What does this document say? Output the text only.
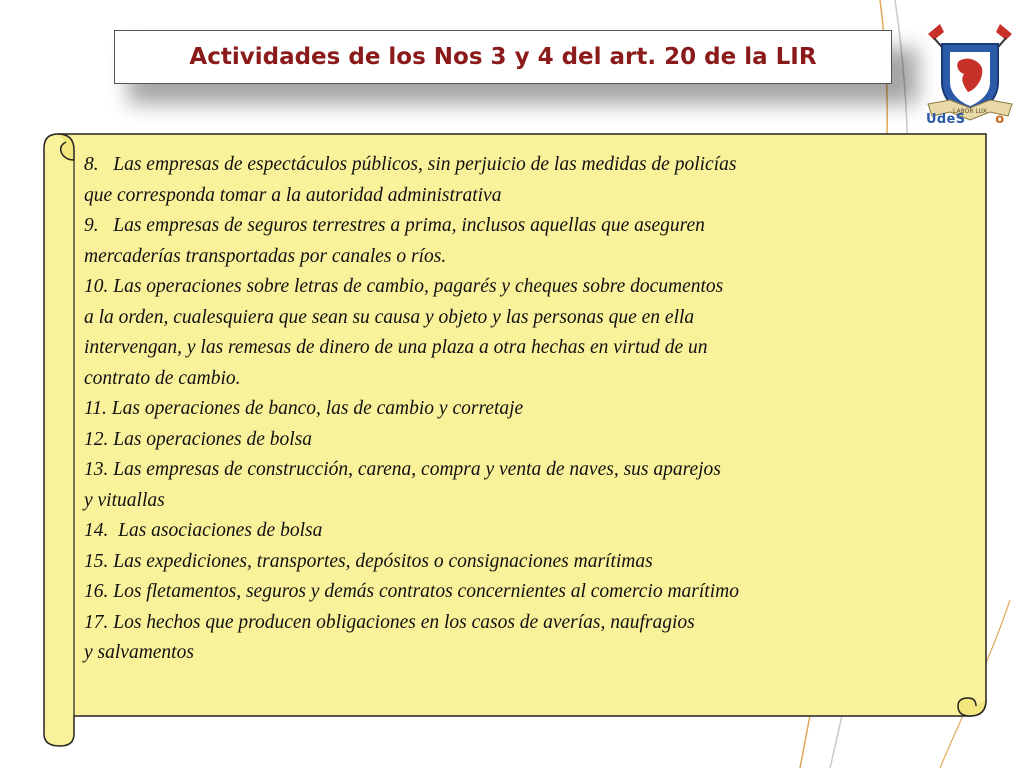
Actividades de los Nos 3 y 4 del art. 20 de la LIR
LABOR LUX
UdeS o

8.   Las empresas de espectáculos públicos, sin perjuicio de las medidas de policías
que corresponda tomar a la autoridad administrativa

9.   Las empresas de seguros terrestres a prima, inclusos aquellas que aseguren
mercaderías transportadas por canales o ríos.

10. Las operaciones sobre letras de cambio, pagarés y cheques sobre documentos
a la orden, cualesquiera que sean su causa y objeto y las personas que en ella
intervengan, y las remesas de dinero de una plaza a otra hechas en virtud de un
contrato de cambio.

11. Las operaciones de banco, las de cambio y corretaje

12. Las operaciones de bolsa

13. Las empresas de construcción, carena, compra y venta de naves, sus aparejos
y vituallas

14.  Las asociaciones de bolsa

15. Las expediciones, transportes, depósitos o consignaciones marítimas

16. Los fletamentos, seguros y demás contratos concernientes al comercio marítimo

17. Los hechos que producen obligaciones en los casos de averías, naufragios
y salvamentos
